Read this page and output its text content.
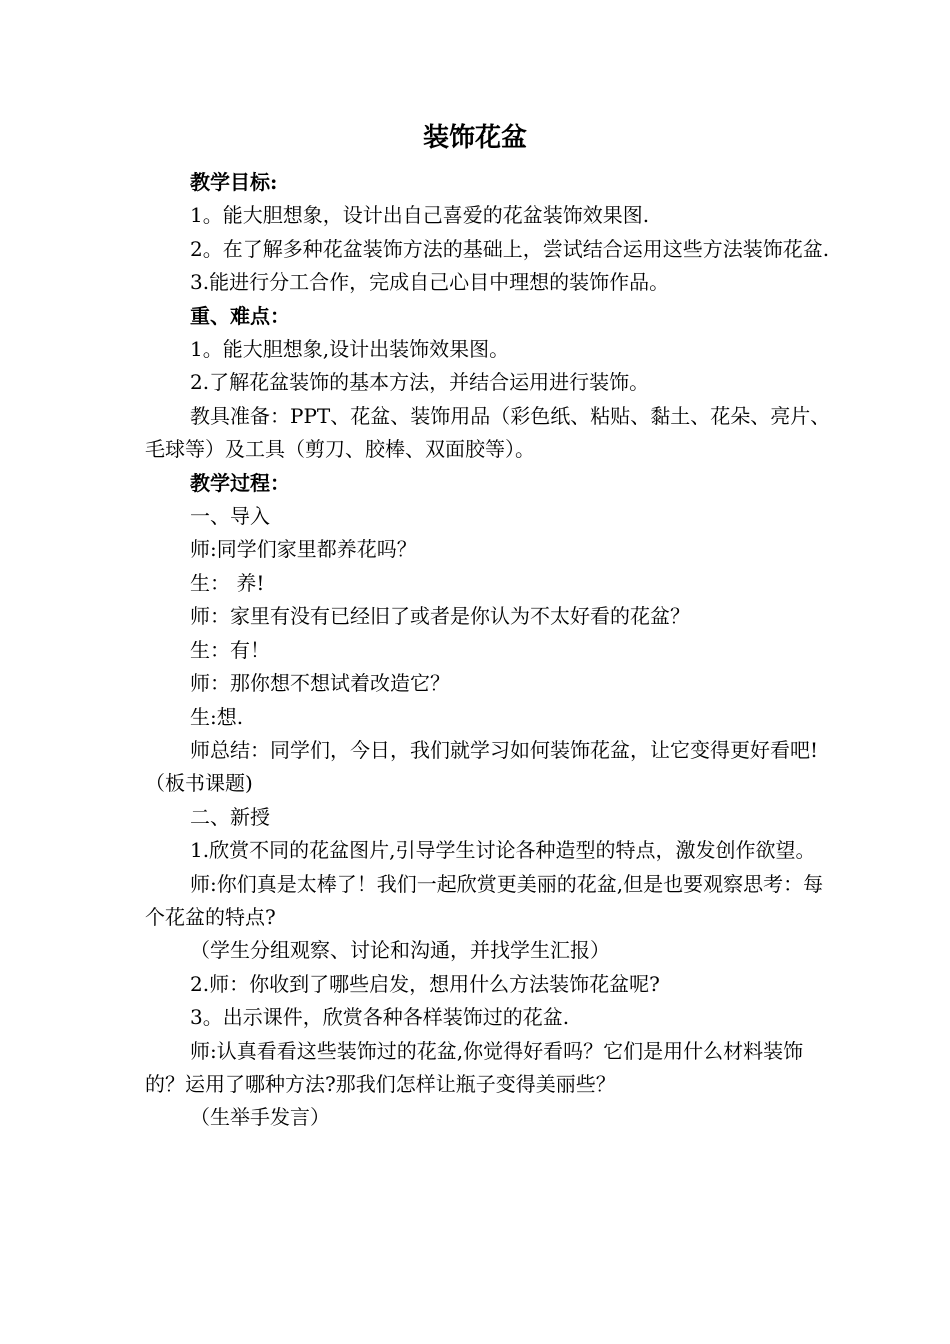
装饰花盆

教学目标:

1。能大胆想象，设计出自己喜爱的花盆装饰效果图.

2。在了解多种花盆装饰方法的基础上，尝试结合运用这些方法装饰花盆.

3.能进行分工合作，完成自己心目中理想的装饰作品。

重、难点：

1。能大胆想象,设计出装饰效果图。

2.了解花盆装饰的基本方法，并结合运用进行装饰。

教具准备：PPT、花盆、装饰用品（彩色纸、粘贴、黏土、花朵、亮片、毛球等）及工具（剪刀、胶棒、双面胶等）。

教学过程：

一、导入

师:同学们家里都养花吗？

生： 养!

师：家里有没有已经旧了或者是你认为不太好看的花盆？

生：有！

师：那你想不想试着改造它？

生:想.

师总结：同学们，今日，我们就学习如何装饰花盆，让它变得更好看吧!（板书课题)

二、新授

1.欣赏不同的花盆图片,引导学生讨论各种造型的特点，激发创作欲望。

师:你们真是太棒了！我们一起欣赏更美丽的花盆,但是也要观察思考：每个花盆的特点?

（学生分组观察、讨论和沟通，并找学生汇报）

2.师：你收到了哪些启发，想用什么方法装饰花盆呢?

3。出示课件，欣赏各种各样装饰过的花盆.

师:认真看看这些装饰过的花盆,你觉得好看吗？它们是用什么材料装饰的？运用了哪种方法?那我们怎样让瓶子变得美丽些？

（生举手发言）
